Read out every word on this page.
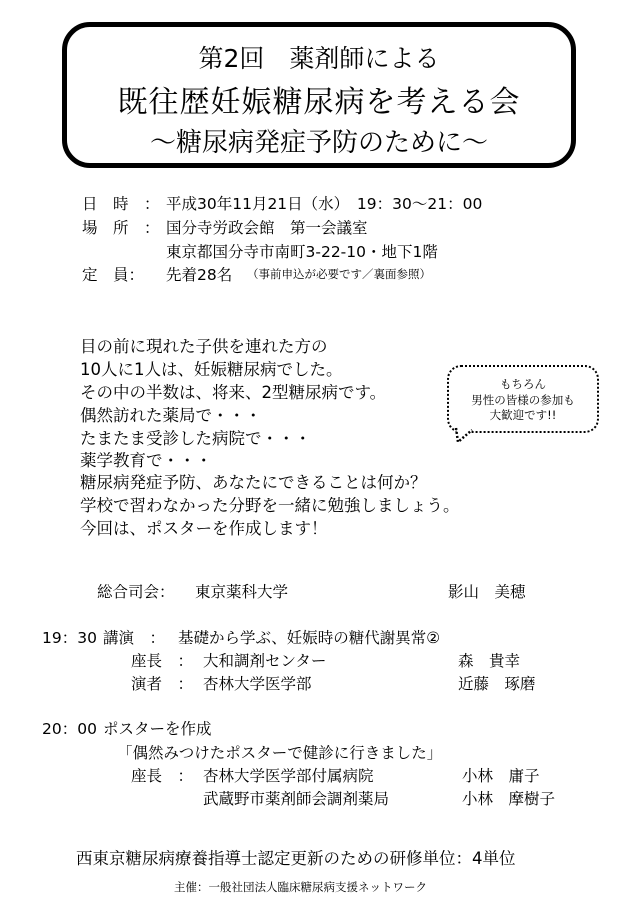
第2回　薬剤師による
既往歴妊娠糖尿病を考える会
〜糖尿病発症予防のために〜
日　時　： 平成30年11月21日（水）　19：30〜21：00
場　所　： 国分寺労政会館　第一会議室
東京都国分寺市南町3-22-10・地下1階
定　員： 先着28名 （事前申込が必要です／裏面参照）
目の前に現れた子供を連れた方の
10人に1人は、妊娠糖尿病でした。
その中の半数は、将来、2型糖尿病です。
偶然訪れた薬局で・・・
たまたま受診した病院で・・・
薬学教育で・・・
糖尿病発症予防、あなたにできることは何か？
学校で習わなかった分野を一緒に勉強しましょう。
今回は、ポスターを作成します！
もちろん
男性の皆様の参加も
大歓迎です!!
総合司会： 東京薬科大学	影山　美穂
19：30 講演　： 基礎から学ぶ、妊娠時の糖代謝異常②
座長　： 大和調剤センター	森　貴幸
演者　： 杏林大学医学部	近藤　琢磨
20：00 ポスターを作成
「偶然みつけたポスターで健診に行きました」
座長　： 杏林大学医学部付属病院	小林　庸子
武蔵野市薬剤師会調剤薬局	小林　摩樹子
西東京糖尿病療養指導士認定更新のための研修単位：4単位
主催：一般社団法人臨床糖尿病支援ネットワーク
